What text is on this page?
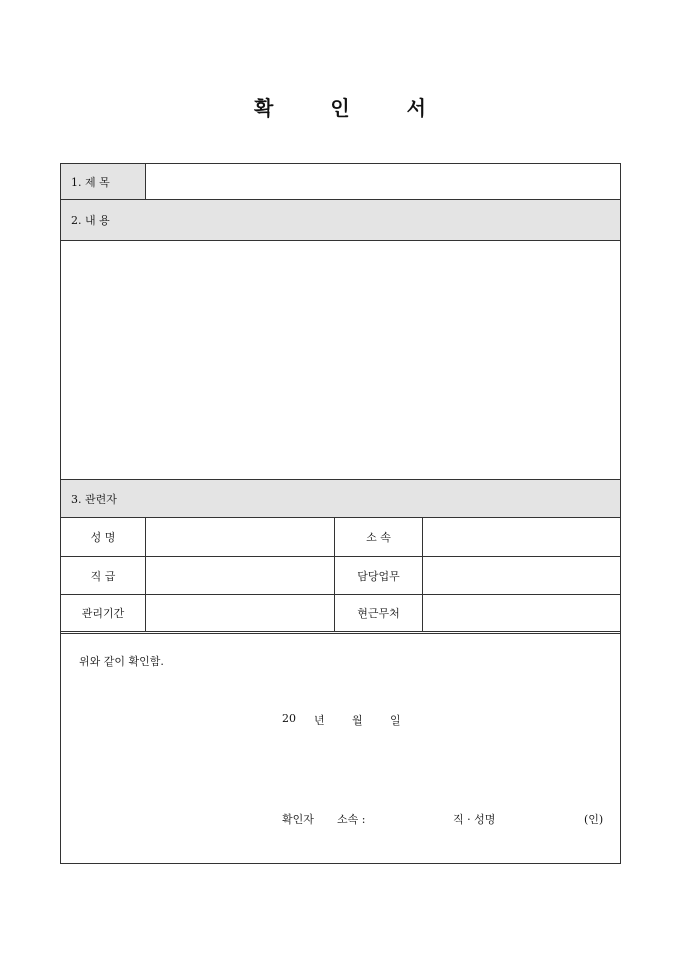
확	인	서
1. 제 목
2. 내 용
3. 관련자
성 명	소 속
직 급	담당업무
관리기간	현근무처
위와 같이 확인함.
20 년 월 일
확인자 소속 :	직 · 성명	(인)
